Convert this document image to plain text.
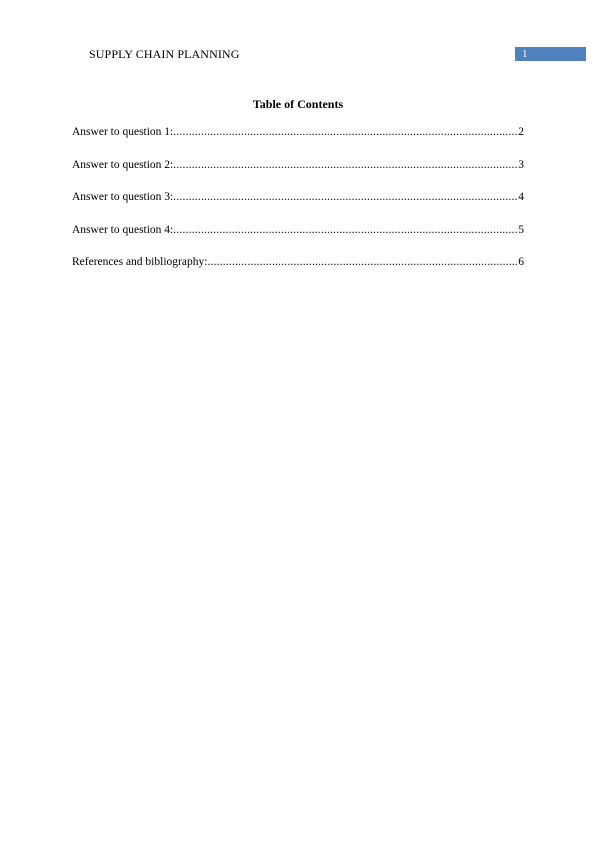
SUPPLY CHAIN PLANNING	1
Table of Contents
Answer to question 1: .....	2
Answer to question 2: .....	3
Answer to question 3: .....	4
Answer to question 4: .....	5
References and bibliography: .....	6
